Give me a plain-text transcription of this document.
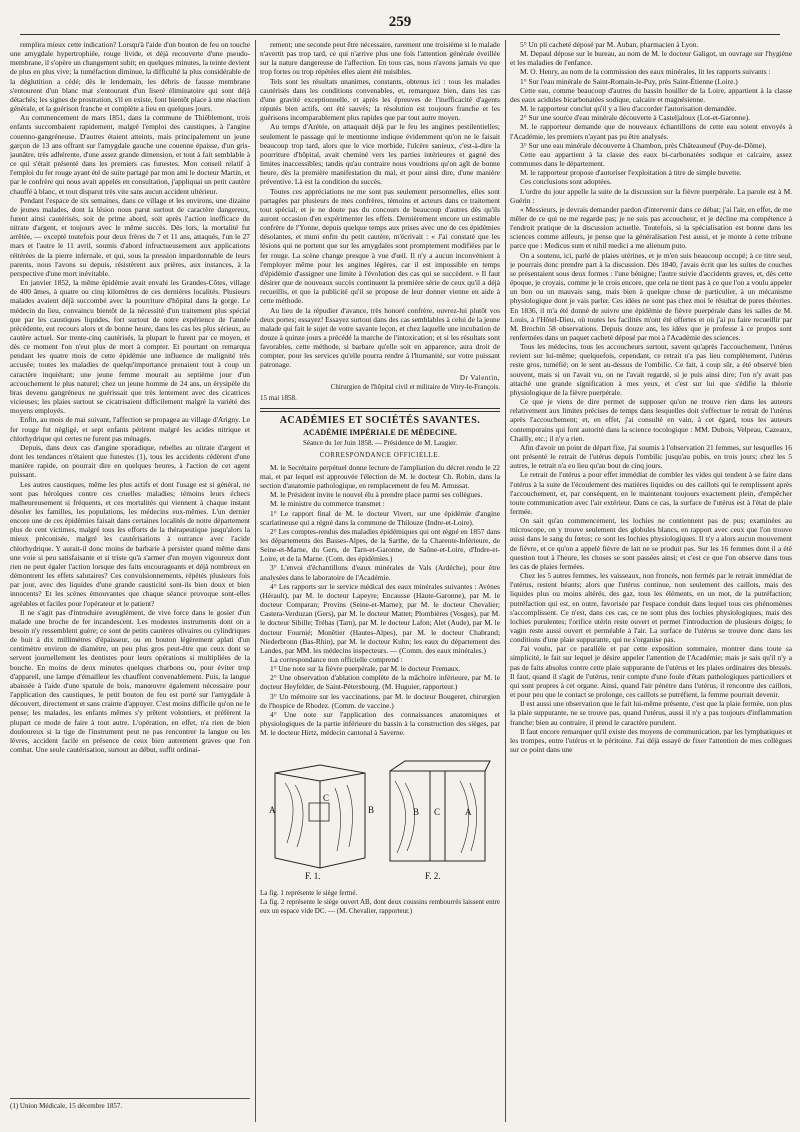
259

remplira mieux cette indication? Lorsqu'à l'aide d'un bouton de feu on touche une amygdale hypertrophiée, rouge livide, et déjà recouverte d'une pseudo-membrane, il s'opère un changement subit; en quelques minutes, la teinte devient de plus en plus vive; la tuméfaction diminue, la difficulté la plus considérable de la déglutition a cédé; dès le lendemain, les débris de fausse membrane s'entourent d'un blanc mat s'entourant d'un liseré éliminatoire qui sont déjà détachés; les signes de prostration, s'il en existe, font bientôt place à une réaction générale, et la guérison franche et complète a lieu en quelques jours.

Au commencement de mars 1851, dans la commune de Thiéblemont, trois enfants succombaient rapidement, malgré l'emploi des caustiques, à l'angine couenno-gangréneuse. D'autres étaient atteints, mais principalement un jeune garçon de 13 ans offrant sur l'amygdale gauche une couenne épaisse, d'un gris-jaunâtre, très adhérente, d'une assez grande dimension, et tout à fait semblable à ce qui s'était présenté dans les premiers cas funestes. Mon conseil relatif à l'emploi du fer rouge ayant été de suite partagé par mon ami le docteur Martin, et par le confrère qui nous avait appelés en consultation, j'appliquai un petit cautère chauffé à blanc, et tout disparut très vite sans aucun accident ultérieur.

Pendant l'espace de six semaines, dans ce village et les environs, une dizaine de jeunes malades, dont la lésion nous parut surtout de caractère dangereux, furent ainsi cautérisés, soit de prime abord, soit après l'action inefficace du nitrate d'argent, et toujours avec le même succès. Dès lors, la mortalité fut arrêtée, — excepté toutefois pour deux frères de 7 et 11 ans, attaqués, l'un le 27 mars et l'autre le 11 avril, soumis d'abord infructueusement aux applications réitérées de la pierre infernale, et qui, sous la pression impardonnable de leurs parents, nous l'avons su depuis, résistèrent aux prières, aux instances, à la perspective d'une mort inévitable.

En janvier 1852, la même épidémie avait envahi les Grandes-Côtes, village de 400 âmes, à quatre ou cinq kilomètres de ces dernières localités. Plusieurs malades avaient déjà succombé avec la pourriture d'hôpital dans la gorge. Le médecin du lieu, convaincu bientôt de la nécessité d'un traitement plus spécial que par les caustiques liquides, fort surtout de notre expérience de l'année précédente, eut recours alors et de bonne heure, dans les cas les plus sérieux, au cautère actuel. Sur trente-cinq cautérisés, la plupart le furent par ce moyen, et dès ce moment l'on n'eut plus de mort à compter. Et pourtant on remarqua pendant les quatre mois de cette épidémie une influence de malignité très accusée; toutes les maladies de quelqu'importance prenaient tout à coup un caractère inquiétant; une jeune femme mourait au septième jour d'un accouchement le plus naturel; chez un jeune homme de 24 ans, un érysipèle du bras devenu gangréneux ne guérissait que très lentement avec des cicatrices vicieuses; les plaies surtout se cicatrisaient difficilement malgré la variété des moyens employés.

Enfin, au mois de mai suivant, l'affection se propagea au village d'Arigny. Le fer rouge fut négligé, et sept enfants périrent malgré les acides nitrique et chlorhydrique qui certes ne furent pas ménagés.

Depuis, dans deux cas d'angine sporadique, rebelles au nitrate d'argent et dont les tendances n'étaient que funestes (1), tous les accidents cédèrent d'une manière rapide, on pourrait dire en quelques heures, à l'action de cet agent puissant.

Les autres caustiques, même les plus actifs et dont l'usage est si général, ne sont pas héroïques contre ces cruelles maladies; témoins leurs échecs malheureusement si fréquents, et ces mortalités qui viennent à chaque instant désoler les familles, les populations, les médecins eux-mêmes. L'un dernier encore une de ces épidémies faisait dans certaines localités de notre département plus de cent victimes, malgré tous les efforts de la thérapeutique jusqu'alors la mieux préconisée, malgré les cautérisations à outrance avec l'acide chlorhydrique. Y aurait-il donc moins de barbarie à persister quand même dans une voie si peu satisfaisante et si triste qu'à s'armer d'un moyen vigoureux dont rien ne peut égaler l'action lorsque des faits encourageants et déjà nombreux en démontrent les effets salutaires? Ces convulsionnements, répétés plusieurs fois par jour, avec des liquides d'une grande causticité sont-ils bien doux et bien innocents? Et les scènes émouvantes que chaque séance provoque sont-elles agréables et faciles pour l'opérateur et le patient?

Il ne s'agit pas d'introduire aveuglément, de vive force dans le gosier d'un malade une broche de fer incandescent. Les modestes instruments dont on a besoin n'y ressemblent guère; ce sont de petits cautères olivaires ou cylindriques de huit à dix millimètres d'épaisseur, ou en bouton légèrement aplati d'un centimètre environ de diamètre, un peu plus gros peut-être que ceux dont se servent journellement les dentistes pour leurs opérations si multipliées de la bouche. En moins de deux minutes quelques charbons ou, pour éviter trop d'appareil, une lampe d'émailleur les chauffent convenablement. Puis, la langue abaissée à l'aide d'une spatule de bois, manœuvre également nécessaire pour l'application des caustiques, le petit bouton de feu est porté sur l'amygdale à découvert, directement et sans crainte d'appuyer. C'est moins difficile qu'on ne le pense; les malades, les enfants mêmes s'y prêtent volontiers, et préfèrent la plupart ce mode de faire à tout autre. L'opération, en effet, n'a rien de bien douloureux si la tige de l'instrument peut ne pas rencontrer la langue ou les lèvres, accident facile en présence de ceux bien autrement graves que l'on combat. Une seule cautérisation, surtout au début, suffit ordinai-

(1) Union Médicale, 15 décembre 1857.

rement; une seconde peut être nécessaire, rarement une troisième si le malade n'avertit pas trop tard, ce qui n'arrive plus une fois l'attention générale éveillée sur la nature dangereuse de l'affection. En tous cas, nous n'avons jamais vu que trop fortes ou trop répétées elles aient été nuisibles.

Tels sont les résultats unanimes, constants, obtenus ici : tous les malades cautérisés dans les conditions convenables, et, remarquez bien, dans les cas d'une gravité exceptionnelle, et après les épreuves de l'inefficacité d'agents réputés bien actifs, ont été sauvés; la résolution est toujours franche et les guérisons incomparablement plus rapides que par tout autre moyen.

Au temps d'Arétée, on attaquait déjà par le feu les angines pestilentielles; seulement le passage qui le mentionne indique évidemment qu'on ne le faisait beaucoup trop tard, alors que le vice morbide, l'ulcère sanieux, c'est-à-dire la pourriture d'hôpital, avait cheminé vers les parties intérieures et gagné des limites inaccessibles; tandis qu'au contraire nous voudrions qu'on agît de bonne heure, dès la première manifestation du mal, et pour ainsi dire, d'une manière préventive. Là est la condition du succès.

Toutes ces appréciations ne me sont pas seulement personnelles, elles sont partagées par plusieurs de mes confrères, témoins et acteurs dans ce traitement tout spécial, et je ne doute pas du concours de beaucoup d'autres dès qu'ils auront occasion d'en expérimenter les effets. Dernièrement encore un estimable confrère de l'Yonne, depuis quelque temps aux prises avec une de ces épidémies désolantes, et muni enfin du petit cautère, m'écrivait : « J'ai constaté que les lésions qui ne portent que sur les amygdales sont promptement modifiées par le fer rouge. La scène change presque à vue d'œil. Il n'y a aucun inconvénient à l'employer même pour les angines légères, car il est impossible en temps d'épidémie d'assigner une limite à l'évolution des cas qui se succèdent. » Il faut désirer que de nouveaux succès continuent la première série de ceux qu'il a déjà recueillis, et que la publicité qu'il se propose de leur donner vienne en aide à cette méthode.

Au lieu de la répudier d'avance, très honoré confrère, ouvrez-lui plutôt vos deux portes; essayez! Essayez surtout dans des cas semblables à celui de la jeune malade qui fait le sujet de votre savante leçon, et chez laquelle une incubation de douze à quinze jours a précédé la marche de l'intoxication; et si les résultats sont favorables, cette méthode, si barbare qu'elle soit en apparence, aura droit de compter, pour les services qu'elle pourra rendre à l'humanité, sur votre puissant patronage.

Dr Valentin,
Chirurgien de l'hôpital civil et militaire de Vitry-le-François.
15 mai 1858.
ACADÉMIES ET SOCIÉTÉS SAVANTES.
ACADÉMIE IMPÉRIALE DE MÉDECINE.
Séance du 1er Juin 1858. — Présidence de M. Laugier.
CORRESPONDANCE OFFICIELLE.

M. le Secrétaire perpétuel donne lecture de l'ampliation du décret rendu le 22 mai, et par lequel est approuvée l'élection de M. le docteur Ch. Robin, dans la section d'anatomie pathologique, en remplacement de feu M. Amussat.

M. le Président invite le nouvel élu à prendre place parmi ses collègues.

M. le ministre du commerce transmet :

1° Le rapport final de M. le docteur Vivert, sur une épidémie d'angine scarlatineuse qui a régné dans la commune de Thilouze (Indre-et-Loire).

2° Les comptes-rendus des maladies épidémiques qui ont régné en 1857 dans les départements des Basses-Alpes, de la Sarthe, de la Charente-Inférieure, de Seine-et-Marne, du Gers, de Tarn-et-Garonne, de Saône-et-Loire, d'Indre-et-Loire, et de la Marne. (Com. des épidémies.)

3° L'envoi d'échantillons d'eaux minérales de Vals (Ardèche), pour être analysées dans le laboratoire de l'Académie.

4° Les rapports sur le service médical des eaux minérales suivantes : Avènes (Hérault), par M. le docteur Lapeyre; Encausse (Haute-Garonne), par M. le docteur Comparan; Provins (Seine-et-Marne); par M. le docteur Chevalier; Castera-Verduzan (Gers), par M. le docteur Mattet; Plombières (Vosges), par M. le docteur Sibille; Trébas (Tarn), par M. le docteur Lafon; Alet (Aude), par M. le docteur Fournié; Monêtier (Hautes-Alpes), par M. le docteur Chabrand; Niederbronn (Bas-Rhin), par M. le docteur Kuhn; les eaux du département des Landes, par MM. les médecins inspecteurs. — (Comm. des eaux minérales.)

La correspondance non officielle comprend :

1° Une note sur la fièvre puerpérale, par M. le docteur Fremaux.

2° Une observation d'ablation complète de la mâchoire inférieure, par M. le docteur Heyfelder, de Saint-Pétersbourg. (M. Huguier, rapporteur.)

3° Un mémoire sur les vaccinations, par M. le docteur Bougeret, chirurgien de l'hospice de Rhodez. (Comm. de vaccine.)

4° Une note sur l'application des connaissances anatomiques et physiologiques de la partie inférieure du bassin à la construction des sièges, par M. le docteur Hirtz, médecin cantonal à Saverne.

A	B
C
B	A
C
F. 1.	F. 2.

La fig. 1 représente le siège fermé.

La fig. 2 représente le siège ouvert AB, dont deux coussins rembourrés laissent entre eux un espace vide DC. — (M. Chevalier, rapporteur.)

5° Un pli cacheté déposé par M. Auban, pharmacien à Lyon.

M. Depaul dépose sur le bureau, au nom de M. le docteur Galigot, un ouvrage sur l'hygiène et les maladies de l'enfance.

M. O. Henry, au nom de la commission des eaux minérales, lit les rapports suivants :

1° Sur l'eau minérale de Saint-Romain-le-Puy, près Saint-Étienne (Loire.)

Cette eau, comme beaucoup d'autres du bassin houiller de la Loire, appartient à la classe des eaux acidules bicarbonatées sodique, calcaire et magnésienne.

M. le rapporteur conclut qu'il y a lieu d'accorder l'autorisation demandée.

2° Sur une source d'eau minérale découverte à Casteljaloux (Lot-et-Garonne).

M. le rapporteur demande que de nouveaux échantillons de cette eau soient envoyés à l'Académie, les premiers n'ayant pas pu être analysés.

3° Sur une eau minérale découverte à Chambon, près Châteauneuf (Puy-de-Dôme).

Cette eau appartient à la classe des eaux bi-carbonatées sodique et calcaire, assez communes dans le département.

M. le rapporteur propose d'autoriser l'exploitation à titre de simple buvette.

Ces conclusions sont adoptées.

L'ordre du jour appelle la suite de la discussion sur la fièvre puerpérale. La parole est à M. Guérin :

« Messieurs, je devrais demander pardon d'intervenir dans ce débat; j'ai l'air, en effet, de me mêler de ce qui ne me regarde pas; je ne suis pas accoucheur, et je décline ma compétence à l'endroit pratique de la discussion actuelle. Toutefois, si la spécialisation est bonne dans les sciences comme ailleurs, je pense que la généralisation l'est aussi, et je monte à cette tribune parce que : Medicus sum et nihil medici a me alienum puto.

On a soutenu, ici, parlé de plaies utérines, et je m'en suis beaucoup occupé; à ce titre seul, je pourrais donc prendre part à la discussion. Dès 1840, j'avais écrit que les suites de couches se présentaient sous deux formes : l'une bénigne; l'autre suivie d'accidents graves, et, dès cette époque, je croyais, comme je le crois encore, que cela ne tient pas à ce que l'on a voulu appeler un bon ou un mauvais sang, mais bien à quelque chose de particulier, à un mécanisme physiologique dont je vais parler. Ces idées ne sont pas chez moi le résultat de pures théories. En 1836, il m'a été donné de suivre une épidémie de fièvre puerpérale dans les salles de M. Louis, à l'Hôtel-Dieu, où toutes les facilités m'ont été offertes et où j'ai pu faire recueillir par M. Brochin 58 observations. Depuis douze ans, les idées que je professe à ce propos sont renfermées dans un paquet cacheté déposé par moi à l'Académie des sciences.

Tous les médecins, tous les accoucheurs surtout, savent qu'après l'accouchement, l'utérus revient sur lui-même; quelquefois, cependant, ce retrait n'a pas lieu complètement, l'utérus reste gros, tuméfié; on le sent au-dessus de l'ombilic. Ce fait, à coup sûr, a été observé bien souvent, mais si on l'avait vu, on ne l'avait regardé, si je puis ainsi dire; l'on n'y avait pas attaché une grande signification à mes yeux, et c'est sur lui que s'édifie la théorie physiologique de la fièvre puerpérale.

Ce que je viens de dire permet de supposer qu'on ne trouve rien dans les auteurs relativement aux limites précises de temps dans lesquelles doit s'effectuer le retrait de l'utérus après l'accouchement; et, en effet, j'ai consulté en vain, à cet égard, tous les auteurs contemporains qui font autorité dans la science tocologique : MM. Dubois, Velpeau, Cazeaux, Chailly, etc.; il n'y a rien.

Afin d'avoir un point de départ fixe, j'ai soumis à l'observation 21 femmes, sur lesquelles 16 ont présenté le retrait de l'utérus depuis l'ombilic jusqu'au pubis, en trois jours; chez les 5 autres, le retrait n'a eu lieu qu'au bout de cinq jours.

Le retrait de l'utérus a pour effet immédiat de combler les vides qui tendent à se faire dans l'utérus à la suite de l'écoulement des matières liquides ou des caillots qui le remplissent après l'accouchement, et, par conséquent, en le maintenant toujours exactement plein, d'empêcher toute communication avec l'air extérieur. Dans ce cas, la surface de l'utérus est à l'état de plaie fermée.

On sait qu'au commencement, les lochies ne contiennent pas de pus; examinées au microscope, on y trouve seulement des globules blancs, en rapport avec ceux que l'on trouve aussi dans le sang du fœtus; ce sont les lochies physiologiques. Il n'y a alors aucun mouvement de fièvre, et ce qu'on a appelé fièvre de lait ne se produit pas. Sur les 16 femmes dont il a été question tout à l'heure, les choses se sont passées ainsi; et c'est ce que l'on observe dans tous les cas de plaies fermées.

Chez les 5 autres femmes, les vaisseaux, non froncés, non fermés par le retrait immédiat de l'utérus, restent béants; alors que l'utérus continue, non seulement des caillots, mais des liquides plus ou moins altérés, des gaz, tous les éléments, en un mot, de la putréfaction; putréfaction qui est, en outre, favorisée par l'espace conduit dans lequel tous ces phénomènes s'accomplissent. Ce n'est, dans ces cas, ce ne sont plus des lochies physiologiques, mais des lochies purulentes; l'orifice utérin reste ouvert et permet l'introduction de plusieurs doigts; le vagin reste aussi ouvert et perméable à l'air. La surface de l'utérus se trouve donc dans les conditions d'une plaie suppurante, qui ne s'organise pas.

J'ai voulu, par ce parallèle et par cette exposition sommaire, montrer dans toute sa simplicité, le fait sur lequel je désire appeler l'attention de l'Académie; mais je sais qu'il n'y a pas de faits absolus contre cette plaie suppurante de l'utérus et les plaies ordinaires des blessés. Il faut, quand il s'agit de l'utérus, tenir compte d'une foule d'états pathologiques particuliers et qui sont propres à cet organe. Ainsi, quand l'air pénètre dans l'utérus, il rencontre des caillots, et pour peu que le contact se prolonge, ces caillots se putréfient, la femme pourrait devenir.

Il est aussi une observation que le fait lui-même présente, c'est que la plaie fermée, non plus la plaie suppurante, ne se trouve pas, quand l'utérus, aussi il n'y a pas toujours d'inflammation franche: bien au contraire, il prend le caractère purulent.

Il faut encore remarquer qu'il existe des moyens de communication, par les lymphatiques et les trompes, entre l'utérus et le péritoine. J'ai déjà essayé de fixer l'attention de mes collègues sur ce point dans une
